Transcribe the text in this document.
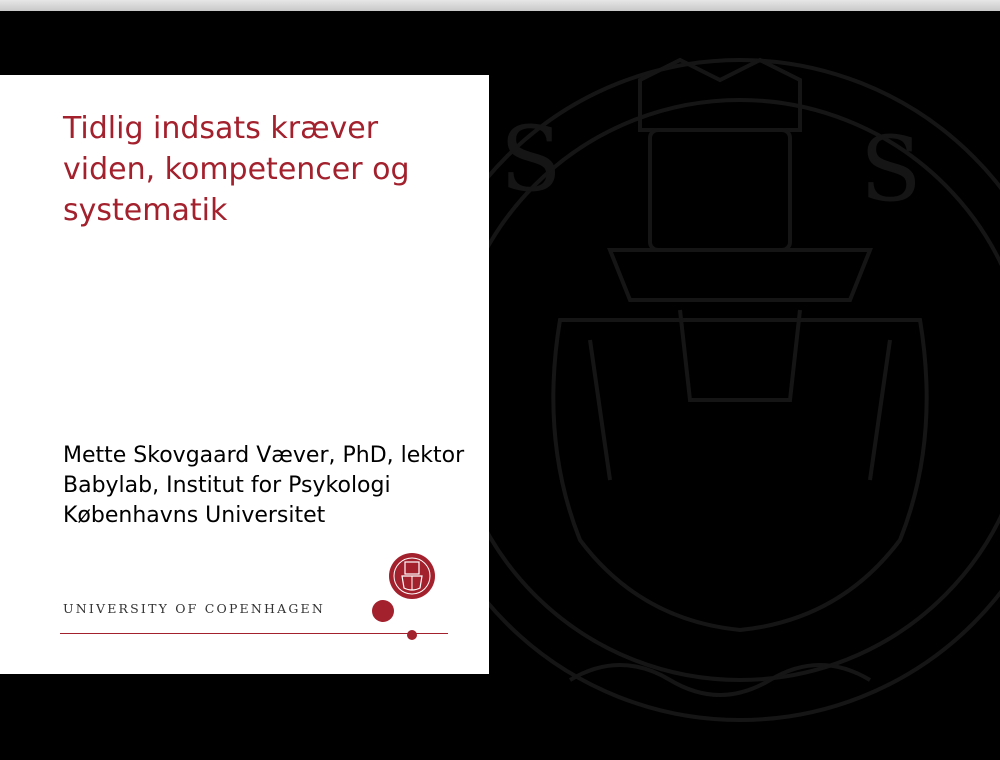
S	S
Tidlig indsats kræver
viden, kompetencer og
systematik
Mette Skovgaard Væver, PhD, lektor
Babylab, Institut for Psykologi
Københavns Universitet
UNIVERSITY OF COPENHAGEN
